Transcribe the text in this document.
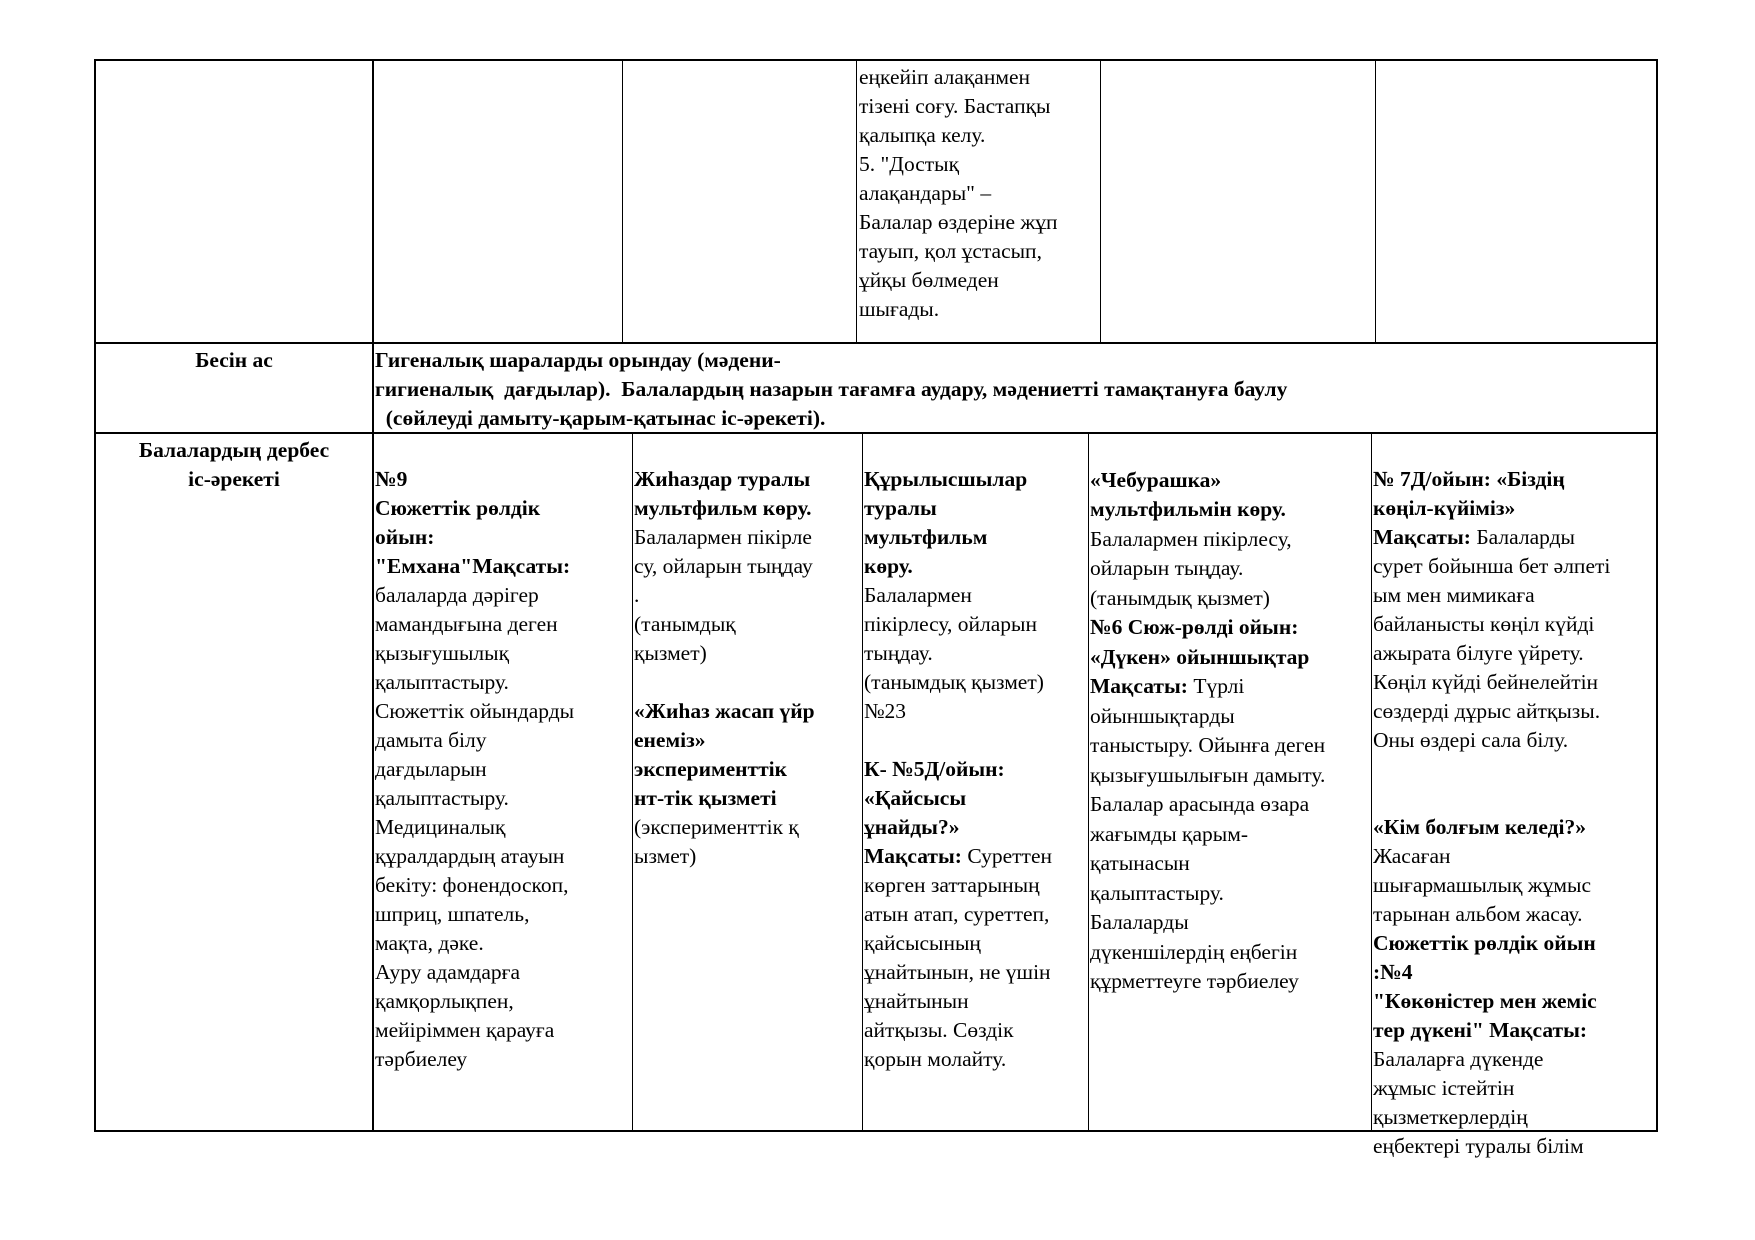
еңкейіп алақанмен
тізені соғу. Бастапқы
қалыпқа келу.
5. "Достық
алақандары" –
Балалар өздеріне жұп
тауып, қол ұстасып,
ұйқы бөлмеден
шығады.
Бесін ас	Гигеналық шараларды орындау (мәдени-
гигиеналық  дағдылар).  Балалардың назарын тағамға аудару, мәдениетті тамақтануға баулу
(сөйлеуді дамыту-қарым-қатынас іс-әрекеті).
Балалардың дербес
іс-әрекеті	№9
Сюжеттік рөлдік
ойын:
"Емхана"Мақсаты:
балаларда дәрігер
мамандығына деген
қызығушылық
қалыптастыру.
Сюжеттік ойындарды
дамыта білу
дағдыларын
қалыптастыру.
Медициналық
құралдардың атауын
бекіту: фонендоскоп,
шприц, шпатель,
мақта, дәке.
Ауру адамдарға
қамқорлықпен,
мейіріммен қарауға
тәрбиелеу

Жиһаздар туралы
мультфильм көру.
Балалармен пікірле
су, ойларын тыңдау
.
(танымдық
қызмет)

«Жиһаз жасап үйр
енеміз» эксперименттік
нт-тік қызметі
(эксперименттік қ
ызмет)

Құрылысшылар
туралы
мультфильм
көру.
Балалармен
пікірлесу, ойларын
тыңдау.
(танымдық қызмет)
№23

К- №5Д/ойын:
«Қайсысы
ұнайды?»
Мақсаты: Суреттен
көрген заттарының
атын атап, суреттеп,
қайсысының
ұнайтынын, не үшін
ұнайтынын
айтқызы. Сөздік
қорын молайту.

«Чебурашка»
мультфильмін көру.
Балалармен пікірлесу,
ойларын тыңдау.
(танымдық қызмет)
№6 Сюж-рөлді ойын:
«Дүкен» ойыншықтар
Мақсаты: Түрлі
ойыншықтарды
таныстыру. Ойынға деген
қызығушылығын дамыту.
Балалар арасында өзара
жағымды қарым-
қатынасын
қалыптастыру.
Балаларды
дүкеншілердің еңбегін
құрметтеуге тәрбиелеу

№ 7Д/ойын: «Біздің
көңіл-күйіміз»
Мақсаты: Балаларды
сурет бойынша бет әлпеті
ым мен мимикаға
байланысты көңіл күйді
ажырата білуге үйрету.
Көңіл күйді бейнелейтін
сөздерді дұрыс айтқызы.
Оны өздері сала білу.

«Кім болғым келеді?»
Жасаған
шығармашылық жұмыс
тарынан альбом жасау.
Сюжеттік рөлдік ойын
:№4
"Көкөністер мен жеміс
тер дүкені" Мақсаты:
Балаларға дүкенде
жұмыс істейтін
қызметкерлердің
еңбектері туралы білім
